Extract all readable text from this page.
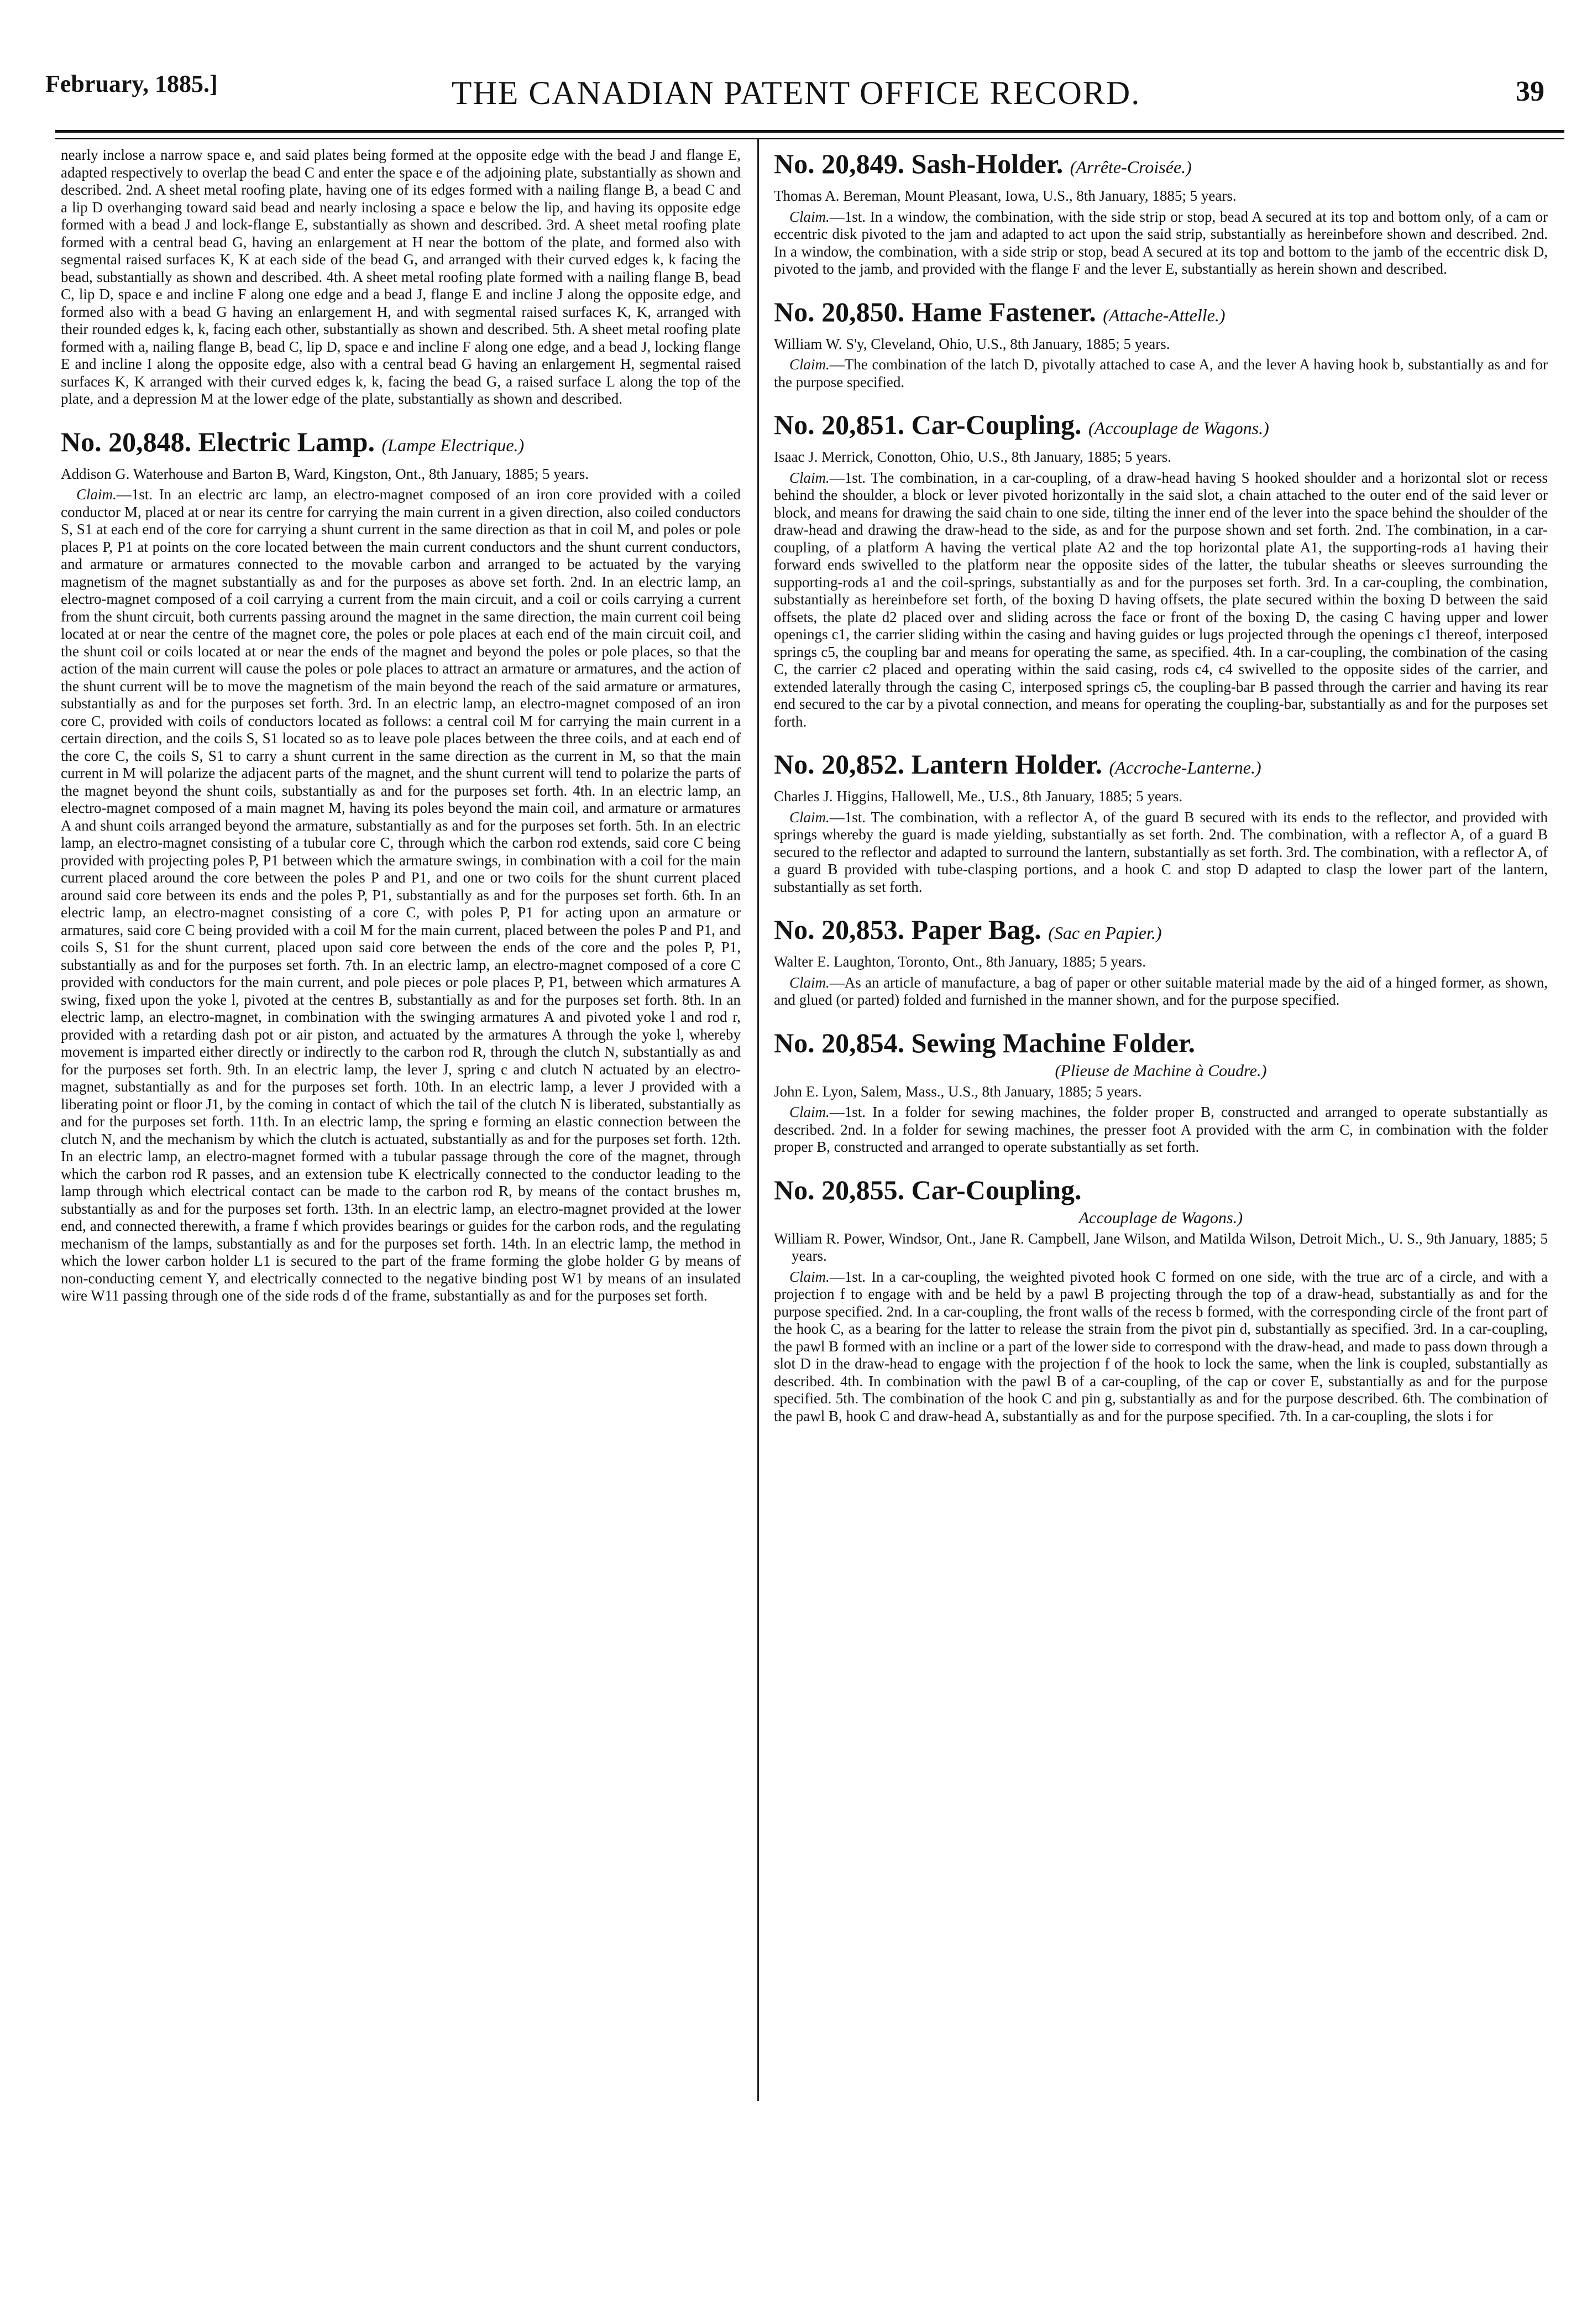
February, 1885.]	THE CANADIAN PATENT OFFICE RECORD.	39

nearly inclose a narrow space e, and said plates being formed at the opposite edge with the bead J and flange E, adapted respectively to overlap the bead C and enter the space e of the adjoining plate, substantially as shown and described. 2nd. A sheet metal roofing plate, having one of its edges formed with a nailing flange B, a bead C and a lip D overhanging toward said bead and nearly inclosing a space e below the lip, and having its opposite edge formed with a bead J and lock-flange E, substantially as shown and described. 3rd. A sheet metal roofing plate formed with a central bead G, having an enlargement at H near the bottom of the plate, and formed also with segmental raised surfaces K, K at each side of the bead G, and arranged with their curved edges k, k facing the bead, substantially as shown and described. 4th. A sheet metal roofing plate formed with a nailing flange B, bead C, lip D, space e and incline F along one edge and a bead J, flange E and incline J along the opposite edge, and formed also with a bead G having an enlargement H, and with segmental raised surfaces K, K, arranged with their rounded edges k, k, facing each other, substantially as shown and described. 5th. A sheet metal roofing plate formed with a, nailing flange B, bead C, lip D, space e and incline F along one edge, and a bead J, locking flange E and incline I along the opposite edge, also with a central bead G having an enlargement H, segmental raised surfaces K, K arranged with their curved edges k, k, facing the bead G, a raised surface L along the top of the plate, and a depression M at the lower edge of the plate, substantially as shown and described.

No. 20,848. Electric Lamp. (Lampe Electrique.)

Addison G. Waterhouse and Barton B, Ward, Kingston, Ont., 8th January, 1885; 5 years.

Claim.—1st. In an electric arc lamp, an electro-magnet composed of an iron core provided with a coiled conductor M, placed at or near its centre for carrying the main current in a given direction, also coiled conductors S, S1 at each end of the core for carrying a shunt current in the same direction as that in coil M, and poles or pole places P, P1 at points on the core located between the main current conductors and the shunt current conductors, and armature or armatures connected to the movable carbon and arranged to be actuated by the varying magnetism of the magnet substantially as and for the purposes as above set forth. 2nd. In an electric lamp, an electro-magnet composed of a coil carrying a current from the main circuit, and a coil or coils carrying a current from the shunt circuit, both currents passing around the magnet in the same direction, the main current coil being located at or near the centre of the magnet core, the poles or pole places at each end of the main circuit coil, and the shunt coil or coils located at or near the ends of the magnet and beyond the poles or pole places, so that the action of the main current will cause the poles or pole places to attract an armature or armatures, and the action of the shunt current will be to move the magnetism of the main beyond the reach of the said armature or armatures, substantially as and for the purposes set forth. 3rd. In an electric lamp, an electro-magnet composed of an iron core C, provided with coils of conductors located as follows: a central coil M for carrying the main current in a certain direction, and the coils S, S1 located so as to leave pole places between the three coils, and at each end of the core C, the coils S, S1 to carry a shunt current in the same direction as the current in M, so that the main current in M will polarize the adjacent parts of the magnet, and the shunt current will tend to polarize the parts of the magnet beyond the shunt coils, substantially as and for the purposes set forth. 4th. In an electric lamp, an electro-magnet composed of a main magnet M, having its poles beyond the main coil, and armature or armatures A and shunt coils arranged beyond the armature, substantially as and for the purposes set forth. 5th. In an electric lamp, an electro-magnet consisting of a tubular core C, through which the carbon rod extends, said core C being provided with projecting poles P, P1 between which the armature swings, in combination with a coil for the main current placed around the core between the poles P and P1, and one or two coils for the shunt current placed around said core between its ends and the poles P, P1, substantially as and for the purposes set forth. 6th. In an electric lamp, an electro-magnet consisting of a core C, with poles P, P1 for acting upon an armature or armatures, said core C being provided with a coil M for the main current, placed between the poles P and P1, and coils S, S1 for the shunt current, placed upon said core between the ends of the core and the poles P, P1, substantially as and for the purposes set forth. 7th. In an electric lamp, an electro-magnet composed of a core C provided with conductors for the main current, and pole pieces or pole places P, P1, between which armatures A swing, fixed upon the yoke l, pivoted at the centres B, substantially as and for the purposes set forth. 8th. In an electric lamp, an electro-magnet, in combination with the swinging armatures A and pivoted yoke l and rod r, provided with a retarding dash pot or air piston, and actuated by the armatures A through the yoke l, whereby movement is imparted either directly or indirectly to the carbon rod R, through the clutch N, substantially as and for the purposes set forth. 9th. In an electric lamp, the lever J, spring c and clutch N actuated by an electro-magnet, substantially as and for the purposes set forth. 10th. In an electric lamp, a lever J provided with a liberating point or floor J1, by the coming in contact of which the tail of the clutch N is liberated, substantially as and for the purposes set forth. 11th. In an electric lamp, the spring e forming an elastic connection between the clutch N, and the mechanism by which the clutch is actuated, substantially as and for the purposes set forth. 12th. In an electric lamp, an electro-magnet formed with a tubular passage through the core of the magnet, through which the carbon rod R passes, and an extension tube K electrically connected to the conductor leading to the lamp through which electrical contact can be made to the carbon rod R, by means of the contact brushes m, substantially as and for the purposes set forth. 13th. In an electric lamp, an electro-magnet provided at the lower end, and connected therewith, a frame f which provides bearings or guides for the carbon rods, and the regulating mechanism of the lamps, substantially as and for the purposes set forth. 14th. In an electric lamp, the method in which the lower carbon holder L1 is secured to the part of the frame forming the globe holder G by means of non-conducting cement Y, and electrically connected to the negative binding post W1 by means of an insulated wire W11 passing through one of the side rods d of the frame, substantially as and for the purposes set forth.

No. 20,849. Sash-Holder. (Arrête-Croisée.)

Thomas A. Bereman, Mount Pleasant, Iowa, U.S., 8th January, 1885; 5 years.

Claim.—1st. In a window, the combination, with the side strip or stop, bead A secured at its top and bottom only, of a cam or eccentric disk pivoted to the jam and adapted to act upon the said strip, substantially as hereinbefore shown and described. 2nd. In a window, the combination, with a side strip or stop, bead A secured at its top and bottom to the jamb of the eccentric disk D, pivoted to the jamb, and provided with the flange F and the lever E, substantially as herein shown and described.

No. 20,850. Hame Fastener. (Attache-Attelle.)

William W. S'y, Cleveland, Ohio, U.S., 8th January, 1885; 5 years.

Claim.—The combination of the latch D, pivotally attached to case A, and the lever A having hook b, substantially as and for the purpose specified.

No. 20,851. Car-Coupling. (Accouplage de Wagons.)

Isaac J. Merrick, Conotton, Ohio, U.S., 8th January, 1885; 5 years.

Claim.—1st. The combination, in a car-coupling, of a draw-head having S hooked shoulder and a horizontal slot or recess behind the shoulder, a block or lever pivoted horizontally in the said slot, a chain attached to the outer end of the said lever or block, and means for drawing the said chain to one side, tilting the inner end of the lever into the space behind the shoulder of the draw-head and drawing the draw-head to the side, as and for the purpose shown and set forth. 2nd. The combination, in a car-coupling, of a platform A having the vertical plate A2 and the top horizontal plate A1, the supporting-rods a1 having their forward ends swivelled to the platform near the opposite sides of the latter, the tubular sheaths or sleeves surrounding the supporting-rods a1 and the coil-springs, substantially as and for the purposes set forth. 3rd. In a car-coupling, the combination, substantially as hereinbefore set forth, of the boxing D having offsets, the plate secured within the boxing D between the said offsets, the plate d2 placed over and sliding across the face or front of the boxing D, the casing C having upper and lower openings c1, the carrier sliding within the casing and having guides or lugs projected through the openings c1 thereof, interposed springs c5, the coupling bar and means for operating the same, as specified. 4th. In a car-coupling, the combination of the casing C, the carrier c2 placed and operating within the said casing, rods c4, c4 swivelled to the opposite sides of the carrier, and extended laterally through the casing C, interposed springs c5, the coupling-bar B passed through the carrier and having its rear end secured to the car by a pivotal connection, and means for operating the coupling-bar, substantially as and for the purposes set forth.

No. 20,852. Lantern Holder. (Accroche-Lanterne.)

Charles J. Higgins, Hallowell, Me., U.S., 8th January, 1885; 5 years.

Claim.—1st. The combination, with a reflector A, of the guard B secured with its ends to the reflector, and provided with springs whereby the guard is made yielding, substantially as set forth. 2nd. The combination, with a reflector A, of a guard B secured to the reflector and adapted to surround the lantern, substantially as set forth. 3rd. The combination, with a reflector A, of a guard B provided with tube-clasping portions, and a hook C and stop D adapted to clasp the lower part of the lantern, substantially as set forth.

No. 20,853. Paper Bag. (Sac en Papier.)

Walter E. Laughton, Toronto, Ont., 8th January, 1885; 5 years.

Claim.—As an article of manufacture, a bag of paper or other suitable material made by the aid of a hinged former, as shown, and glued (or parted) folded and furnished in the manner shown, and for the purpose specified.

No. 20,854. Sewing Machine Folder.
(Plieuse de Machine à Coudre.)

John E. Lyon, Salem, Mass., U.S., 8th January, 1885; 5 years.

Claim.—1st. In a folder for sewing machines, the folder proper B, constructed and arranged to operate substantially as described. 2nd. In a folder for sewing machines, the presser foot A provided with the arm C, in combination with the folder proper B, constructed and arranged to operate substantially as set forth.

No. 20,855. Car-Coupling.
Accouplage de Wagons.)

William R. Power, Windsor, Ont., Jane R. Campbell, Jane Wilson, and Matilda Wilson, Detroit Mich., U. S., 9th January, 1885; 5 years.

Claim.—1st. In a car-coupling, the weighted pivoted hook C formed on one side, with the true arc of a circle, and with a projection f to engage with and be held by a pawl B projecting through the top of a draw-head, substantially as and for the purpose specified. 2nd. In a car-coupling, the front walls of the recess b formed, with the corresponding circle of the front part of the hook C, as a bearing for the latter to release the strain from the pivot pin d, substantially as specified. 3rd. In a car-coupling, the pawl B formed with an incline or a part of the lower side to correspond with the draw-head, and made to pass down through a slot D in the draw-head to engage with the projection f of the hook to lock the same, when the link is coupled, substantially as described. 4th. In combination with the pawl B of a car-coupling, of the cap or cover E, substantially as and for the purpose specified. 5th. The combination of the hook C and pin g, substantially as and for the purpose described. 6th. The combination of the pawl B, hook C and draw-head A, substantially as and for the purpose specified. 7th. In a car-coupling, the slots i for
